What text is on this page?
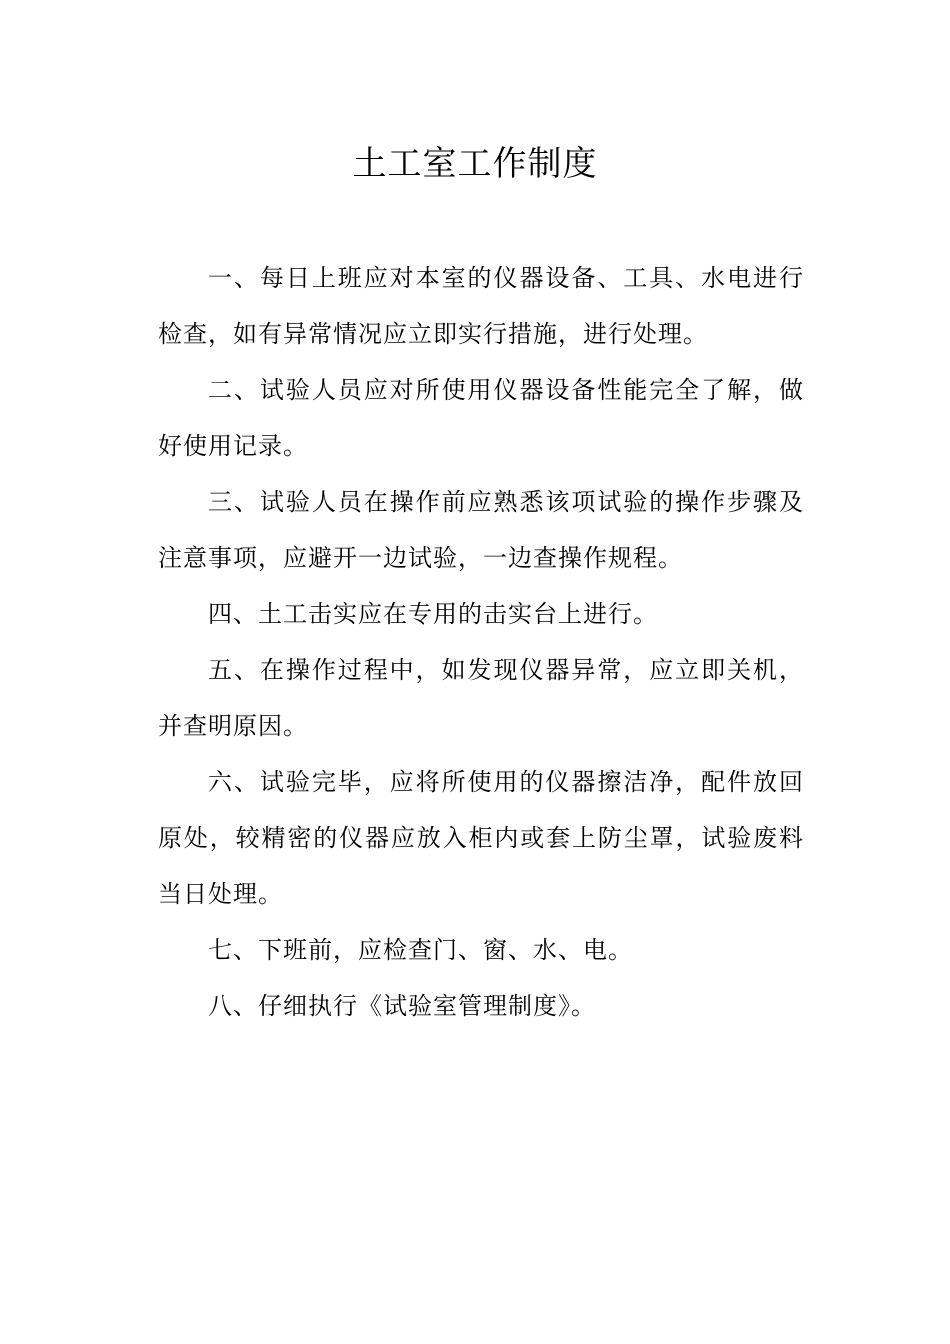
土工室工作制度

一、每日上班应对本室的仪器设备、工具、水电进行检查，如有异常情况应立即实行措施，进行处理。

二、试验人员应对所使用仪器设备性能完全了解，做好使用记录。

三、试验人员在操作前应熟悉该项试验的操作步骤及注意事项，应避开一边试验，一边查操作规程。

四、土工击实应在专用的击实台上进行。

五、在操作过程中，如发现仪器异常，应立即关机，并查明原因。

六、试验完毕，应将所使用的仪器擦洁净，配件放回原处，较精密的仪器应放入柜内或套上防尘罩，试验废料当日处理。

七、下班前，应检查门、窗、水、电。

八、仔细执行《试验室管理制度》。
